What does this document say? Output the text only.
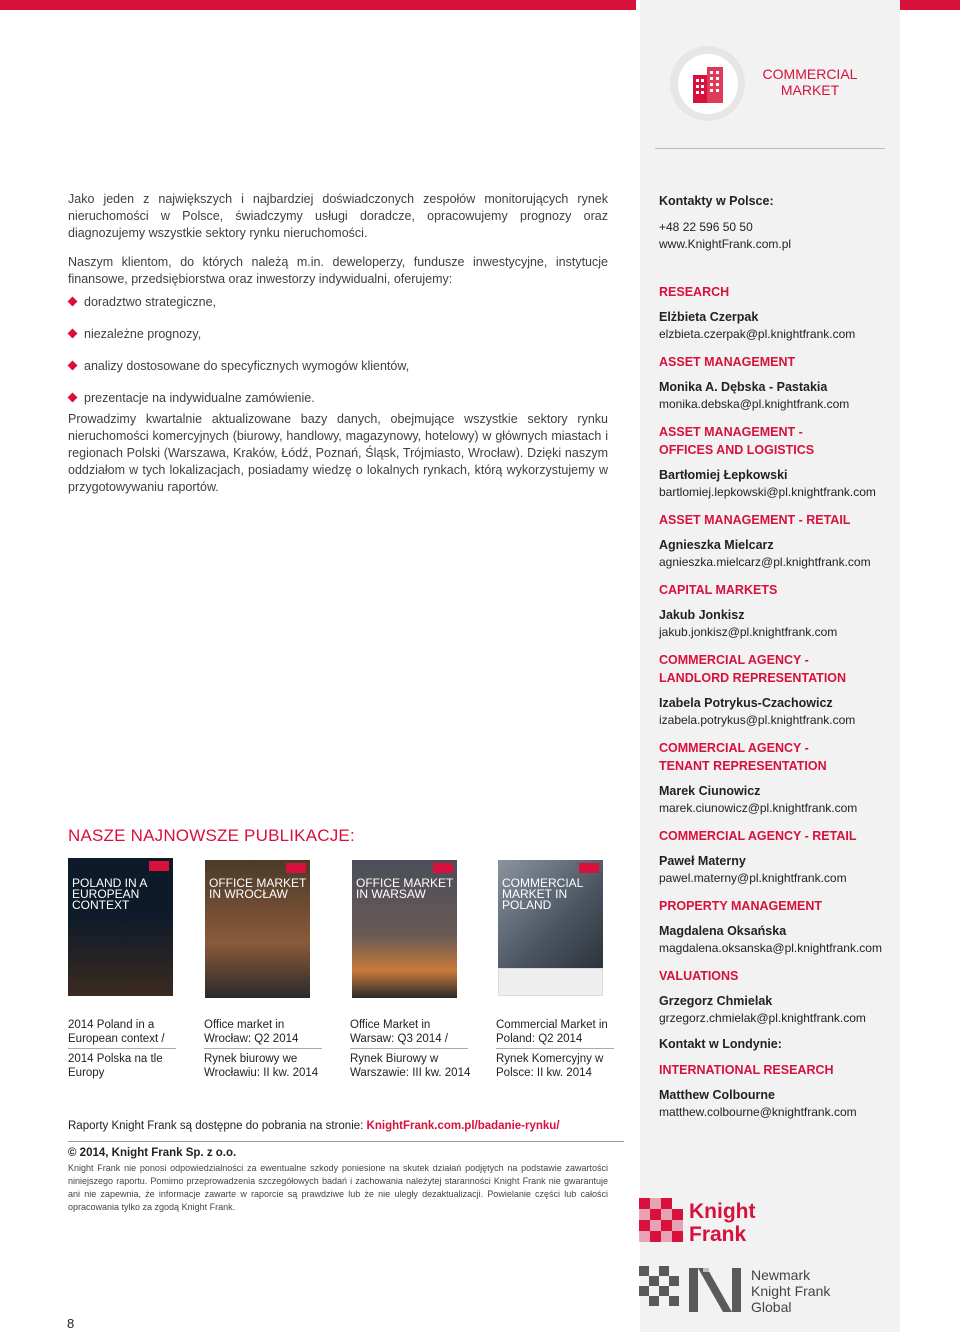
COMMERCIAL
MARKET

Jako jeden z największych i najbardziej doświadczonych zespołów monitorujących rynek nieruchomości w Polsce, świadczymy usługi doradcze, opracowujemy prognozy oraz diagnozujemy wszystkie sektory rynku nieruchomości.

Naszym klientom, do których należą m.in. deweloperzy, fundusze inwestycyjne, instytucje finansowe, przedsiębiorstwa oraz inwestorzy indywidualni, oferujemy:

doradztwo strategiczne,
niezależne prognozy,
analizy dostosowane do specyficznych wymogów klientów,
prezentacje na indywidualne zamówienie.

Prowadzimy kwartalnie aktualizowane bazy danych, obejmujące wszystkie sektory rynku nieruchomości komercyjnych (biurowy, handlowy, magazynowy, hotelowy) w głównych miastach i regionach Polski (Warszawa, Kraków, Łódź, Poznań, Śląsk, Trójmiasto, Wrocław). Dzięki naszym oddziałom w tych lokalizacjach, posiadamy wiedzę o lokalnych rynkach, którą wykorzystujemy w przygotowywaniu raportów.

NASZE NAJNOWSZE PUBLIKACJE:
POLAND IN A EUROPEAN CONTEXT
OFFICE MARKET IN WROCŁAW
OFFICE MARKET IN WARSAW
COMMERCIAL MARKET IN POLAND
2014 Poland in a European context /
Office market in Wrocław: Q2 2014
Office Market in Warsaw: Q3 2014 /
Commercial Market in Poland: Q2 2014
2014 Polska na tle Europy
Rynek biurowy we Wrocławiu: II kw. 2014
Rynek Biurowy w Warszawie: III kw. 2014
Rynek Komercyjny w Polsce: II kw. 2014
Raporty Knight Frank są dostępne do pobrania na stronie: KnightFrank.com.pl/badanie-rynku/
© 2014, Knight Frank Sp. z o.o.
Knight Frank nie ponosi odpowiedzialności za ewentualne szkody poniesione na skutek działań podjętych na podstawie zawartości niniejszego raportu. Pomimo przeprowadzenia szczegółowych badań i zachowania należytej staranności Knight Frank nie gwarantuje ani nie zapewnia, że informacje zawarte w raporcie są prawdziwe lub że nie uległy dezaktualizacji. Powielanie części lub całości opracowania tylko za zgodą Knight Frank.
8
Kontakty w Polsce:
+48 22 596 50 50
www.KnightFrank.com.pl
RESEARCH
Elżbieta Czerpak
elzbieta.czerpak@pl.knightfrank.com
ASSET MANAGEMENT
Monika A. Dębska - Pastakia
monika.debska@pl.knightfrank.com
ASSET MANAGEMENT -
OFFICES AND LOGISTICS
Bartłomiej Łepkowski
bartlomiej.lepkowski@pl.knightfrank.com
ASSET MANAGEMENT - RETAIL
Agnieszka Mielcarz
agnieszka.mielcarz@pl.knightfrank.com
CAPITAL MARKETS
Jakub Jonkisz
jakub.jonkisz@pl.knightfrank.com
COMMERCIAL AGENCY -
LANDLORD REPRESENTATION
Izabela Potrykus-Czachowicz
izabela.potrykus@pl.knightfrank.com
COMMERCIAL AGENCY -
TENANT REPRESENTATION
Marek Ciunowicz
marek.ciunowicz@pl.knightfrank.com
COMMERCIAL AGENCY - RETAIL
Paweł Materny
pawel.materny@pl.knightfrank.com
PROPERTY MANAGEMENT
Magdalena Oksańska
magdalena.oksanska@pl.knightfrank.com
VALUATIONS
Grzegorz Chmielak
grzegorz.chmielak@pl.knightfrank.com
Kontakt w Londynie:
INTERNATIONAL RESEARCH
Matthew Colbourne
matthew.colbourne@knightfrank.com
Knight
Frank
Newmark
Knight Frank
Global
